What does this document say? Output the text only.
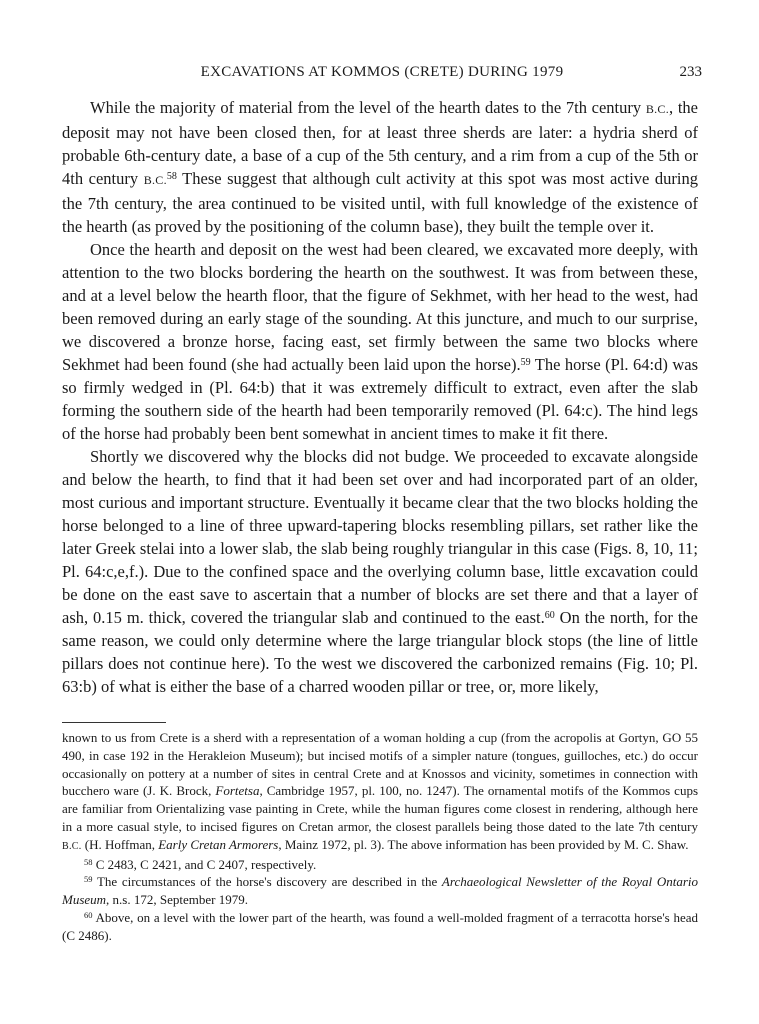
EXCAVATIONS AT KOMMOS (CRETE) DURING 1979	233

While the majority of material from the level of the hearth dates to the 7th century B.C., the deposit may not have been closed then, for at least three sherds are later: a hydria sherd of probable 6th-century date, a base of a cup of the 5th century, and a rim from a cup of the 5th or 4th century B.C.$^{58}$ These suggest that although cult activity at this spot was most active during the 7th century, the area continued to be visited until, with full knowledge of the existence of the hearth (as proved by the positioning of the column base), they built the temple over it.

Once the hearth and deposit on the west had been cleared, we excavated more deeply, with attention to the two blocks bordering the hearth on the southwest. It was from between these, and at a level below the hearth floor, that the figure of Sekhmet, with her head to the west, had been removed during an early stage of the sounding. At this juncture, and much to our surprise, we discovered a bronze horse, facing east, set firmly between the same two blocks where Sekhmet had been found (she had actually been laid upon the horse).$^{59}$ The horse (Pl. 64:d) was so firmly wedged in (Pl. 64:b) that it was extremely difficult to extract, even after the slab forming the southern side of the hearth had been temporarily removed (Pl. 64:c). The hind legs of the horse had probably been bent somewhat in ancient times to make it fit there.

Shortly we discovered why the blocks did not budge. We proceeded to excavate alongside and below the hearth, to find that it had been set over and had incorporated part of an older, most curious and important structure. Eventually it became clear that the two blocks holding the horse belonged to a line of three upward-tapering blocks resembling pillars, set rather like the later Greek stelai into a lower slab, the slab being roughly triangular in this case (Figs. 8, 10, 11; Pl. 64:c,e,f.). Due to the confined space and the overlying column base, little excavation could be done on the east save to ascertain that a number of blocks are set there and that a layer of ash, 0.15 m. thick, covered the triangular slab and continued to the east.$^{60}$ On the north, for the same reason, we could only determine where the large triangular block stops (the line of little pillars does not continue here). To the west we discovered the carbonized remains (Fig. 10; Pl. 63:b) of what is either the base of a charred wooden pillar or tree, or, more likely,

known to us from Crete is a sherd with a representation of a woman holding a cup (from the acropolis at Gortyn, GO 55 490, in case 192 in the Herakleion Museum); but incised motifs of a simpler nature (tongues, guilloches, etc.) do occur occasionally on pottery at a number of sites in central Crete and at Knossos and vicinity, sometimes in connection with bucchero ware (J. K. Brock, Fortetsa, Cambridge 1957, pl. 100, no. 1247). The ornamental motifs of the Kommos cups are familiar from Orientalizing vase painting in Crete, while the human figures come closest in rendering, although here in a more casual style, to incised figures on Cretan armor, the closest parallels being those dated to the late 7th century B.C. (H. Hoffman, Early Cretan Armorers, Mainz 1972, pl. 3). The above information has been provided by M. C. Shaw.

$^{58}$ C 2483, C 2421, and C 2407, respectively.

$^{59}$ The circumstances of the horse's discovery are described in the Archaeological Newsletter of the Royal Ontario Museum, n.s. 172, September 1979.

$^{60}$ Above, on a level with the lower part of the hearth, was found a well-molded fragment of a terracotta horse's head (C 2486).
